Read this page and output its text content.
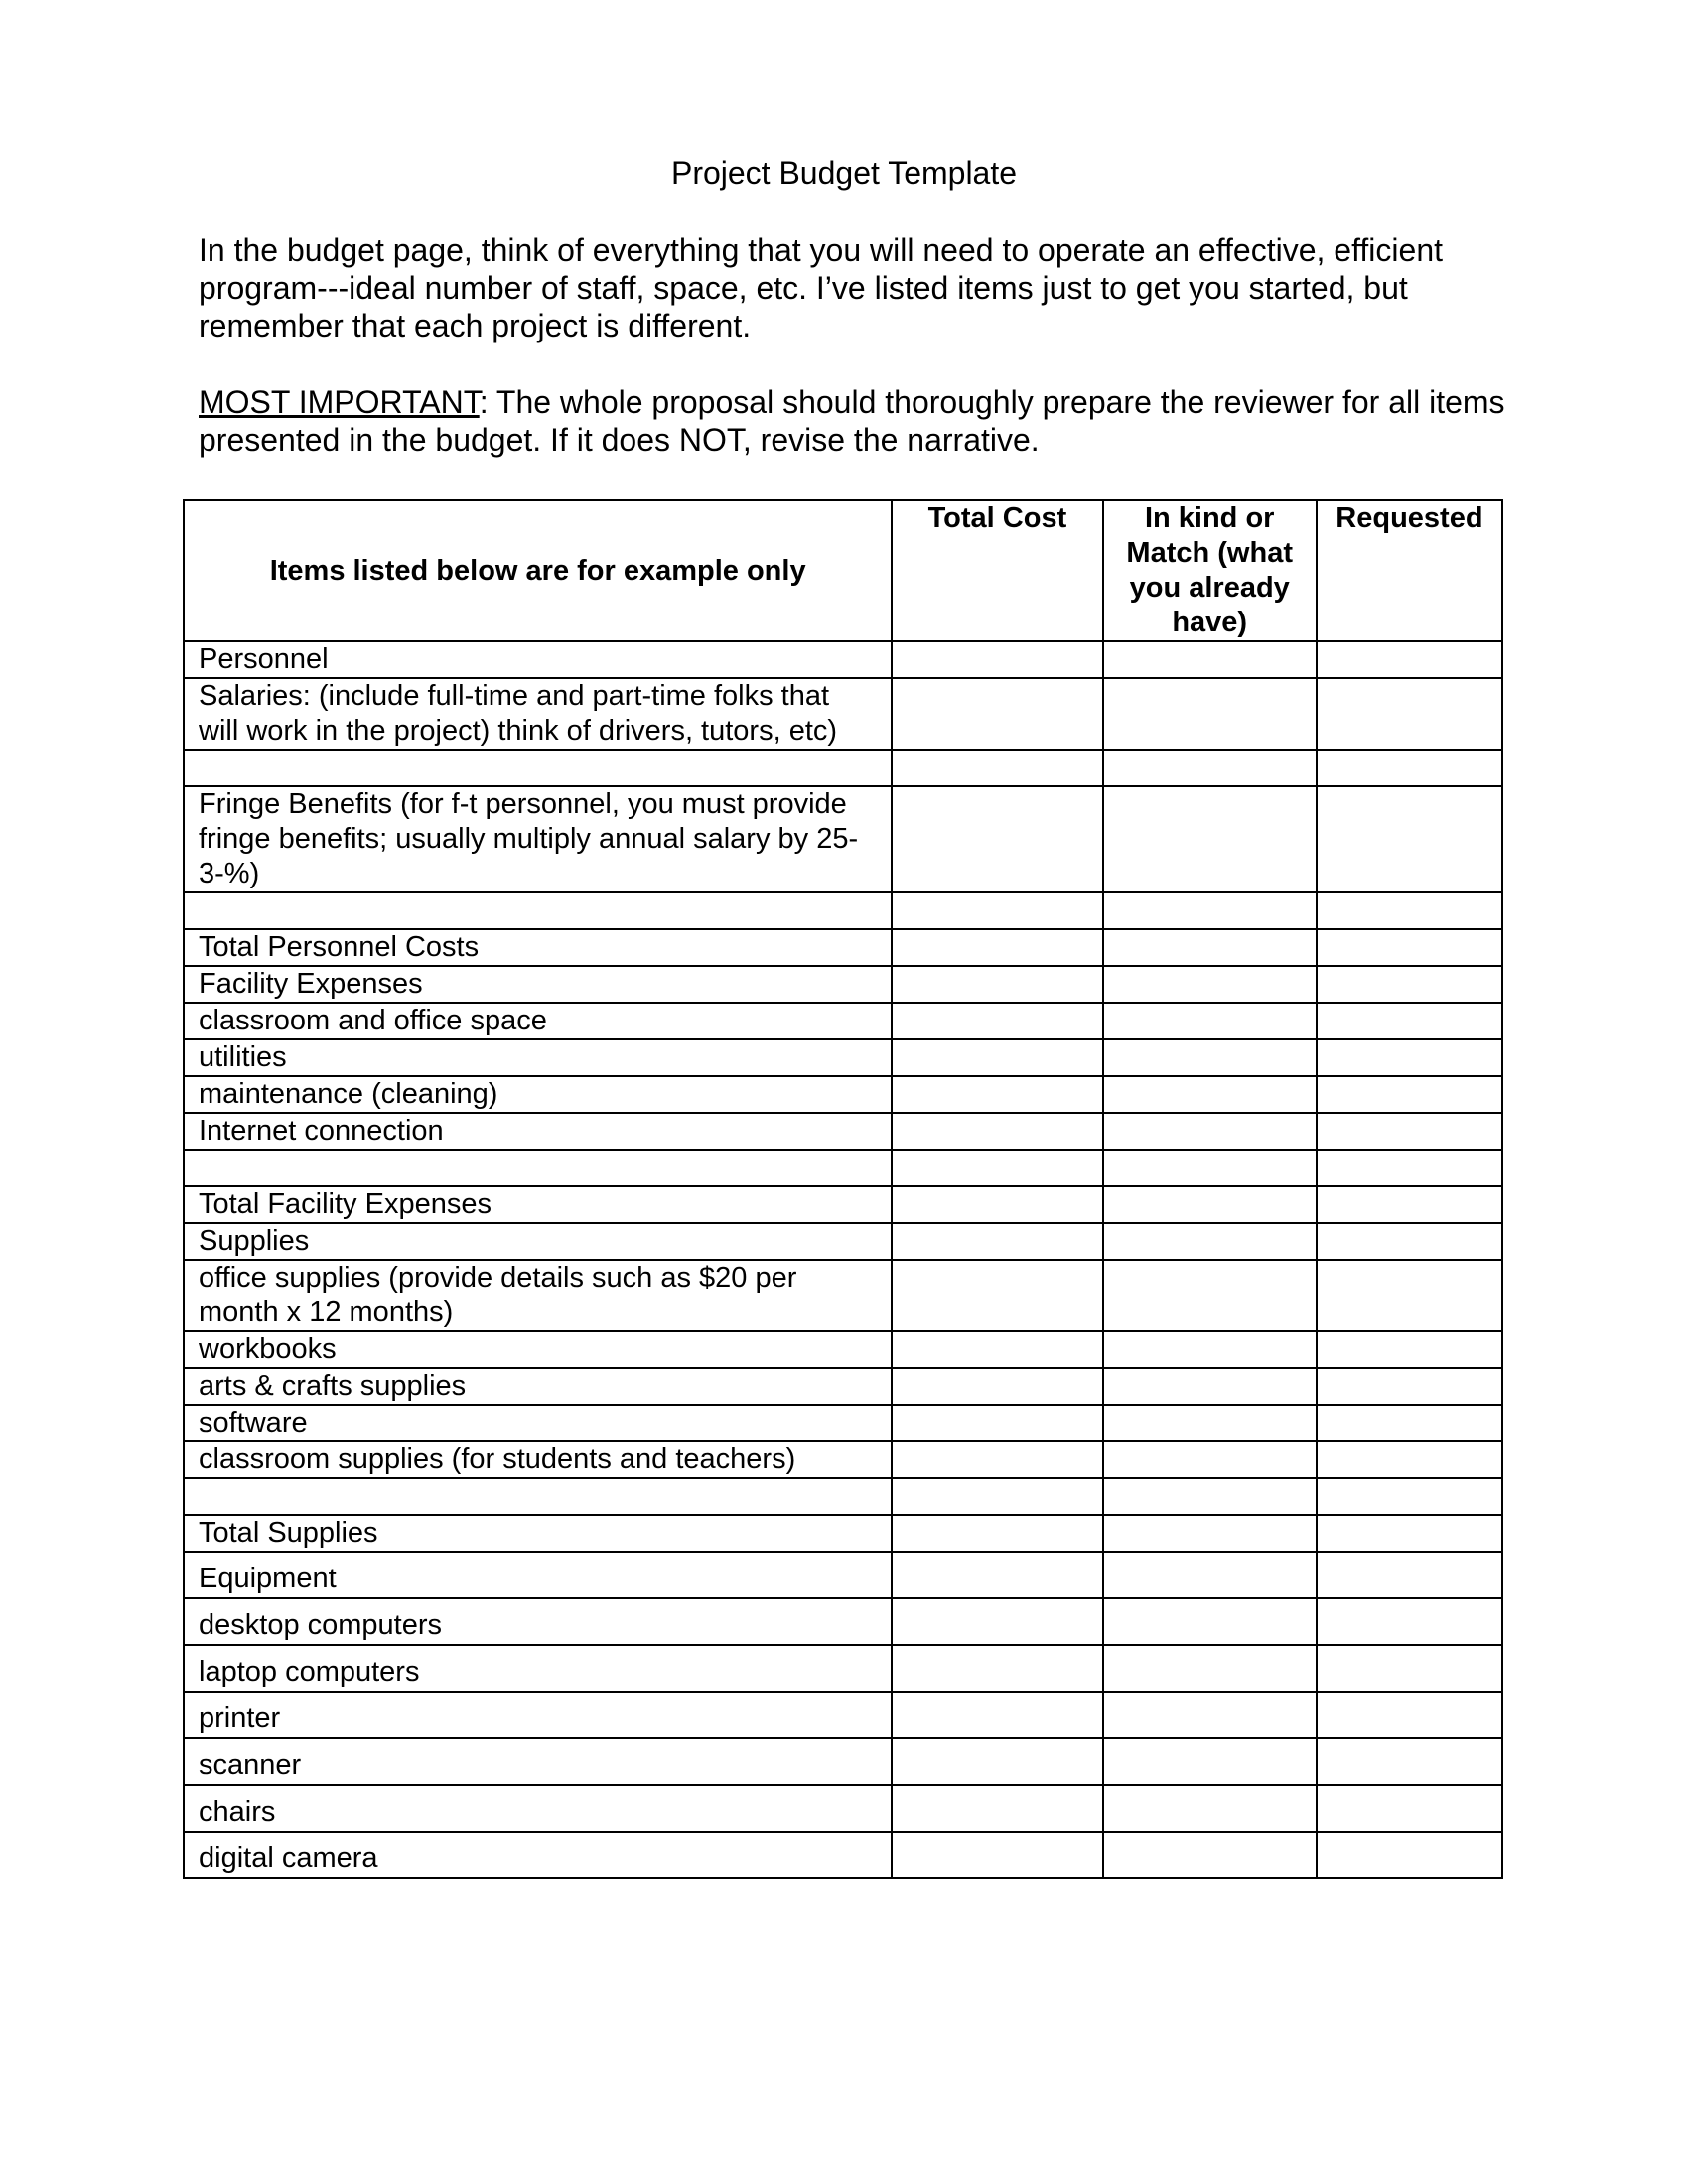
Project Budget Template

In the budget page, think of everything that you will need to operate an effective, efficient program---ideal number of staff, space, etc. I’ve listed items just to get you started, but remember that each project is different.

MOST IMPORTANT: The whole proposal should thoroughly prepare the reviewer for all items presented in the budget. If it does NOT, revise the narrative.

Items listed below are for example only	Total Cost	In kind or Match (what you already have)	Requested
Personnel			
Salaries: (include full-time and part-time folks that will work in the project) think of drivers, tutors, etc)			

Fringe Benefits (for f-t personnel, you must provide fringe benefits; usually multiply annual salary by 25-3-%)			

Total Personnel Costs			
Facility Expenses			
classroom and office space			
utilities			
maintenance (cleaning)			
Internet connection			

Total Facility Expenses			
Supplies			
office supplies (provide details such as $20 per month x 12 months)			
workbooks			
arts & crafts supplies			
software			
classroom supplies (for students and teachers)			

Total Supplies			
Equipment			
desktop computers			
laptop computers			
printer			
scanner			
chairs			
digital camera			
